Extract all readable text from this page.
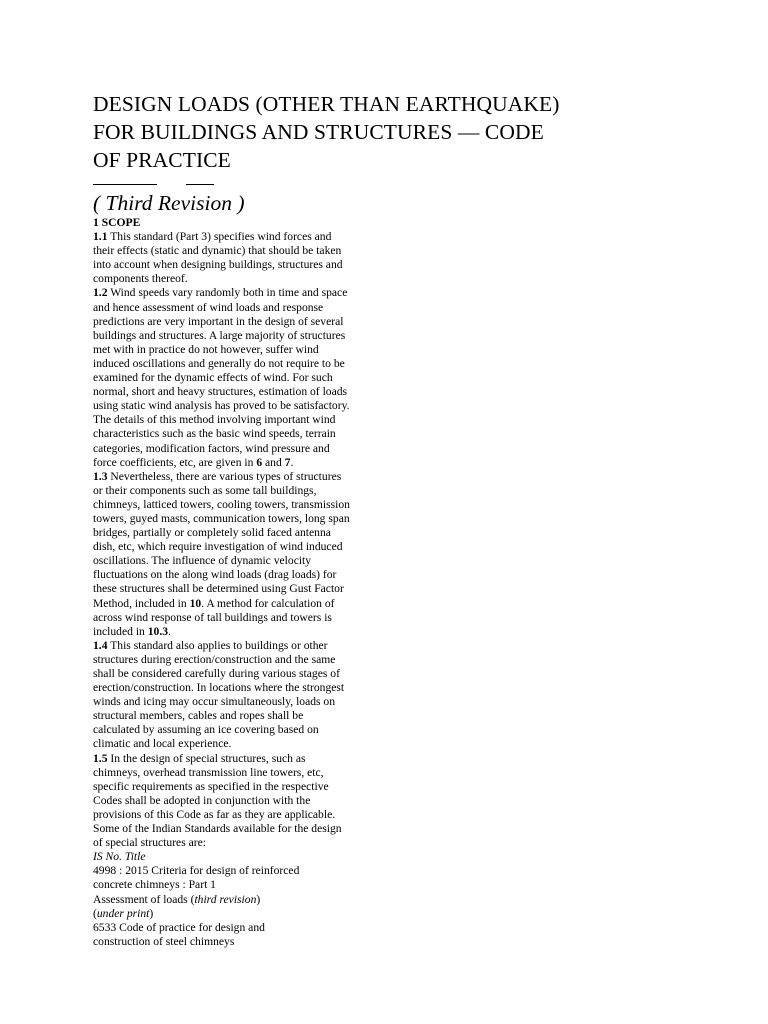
DESIGN LOADS (OTHER THAN EARTHQUAKE)
FOR BUILDINGS AND STRUCTURES — CODE
OF PRACTICE

( Third Revision )

1 SCOPE
1.1 This standard (Part 3) specifies wind forces and
their effects (static and dynamic) that should be taken
into account when designing buildings, structures and
components thereof.
1.2 Wind speeds vary randomly both in time and space
and hence assessment of wind loads and response
predictions are very important in the design of several
buildings and structures. A large majority of structures
met with in practice do not however, suffer wind
induced oscillations and generally do not require to be
examined for the dynamic effects of wind. For such
normal, short and heavy structures, estimation of loads
using static wind analysis has proved to be satisfactory.
The details of this method involving important wind
characteristics such as the basic wind speeds, terrain
categories, modification factors, wind pressure and
force coefficients, etc, are given in 6 and 7.
1.3 Nevertheless, there are various types of structures
or their components such as some tall buildings,
chimneys, latticed towers, cooling towers, transmission
towers, guyed masts, communication towers, long span
bridges, partially or completely solid faced antenna
dish, etc, which require investigation of wind induced
oscillations. The influence of dynamic velocity
fluctuations on the along wind loads (drag loads) for
these structures shall be determined using Gust Factor
Method, included in 10. A method for calculation of
across wind response of tall buildings and towers is
included in 10.3.
1.4 This standard also applies to buildings or other
structures during erection/construction and the same
shall be considered carefully during various stages of
erection/construction. In locations where the strongest
winds and icing may occur simultaneously, loads on
structural members, cables and ropes shall be
calculated by assuming an ice covering based on
climatic and local experience.
1.5 In the design of special structures, such as
chimneys, overhead transmission line towers, etc,
specific requirements as specified in the respective
Codes shall be adopted in conjunction with the
provisions of this Code as far as they are applicable.
Some of the Indian Standards available for the design
of special structures are:
IS No. Title
4998 : 2015 Criteria for design of reinforced
concrete chimneys : Part 1
Assessment of loads (third revision)
(under print)
6533 Code of practice for design and
construction of steel chimneys
